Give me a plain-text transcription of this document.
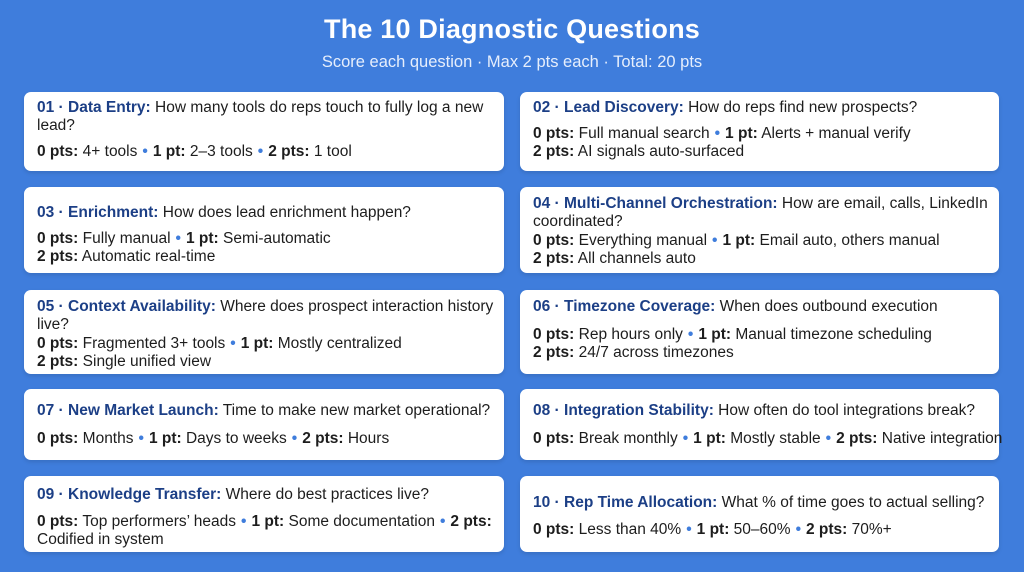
The 10 Diagnostic Questions
Score each question · Max 2 pts each · Total: 20 pts
01 · Data Entry: How many tools do reps touch to fully log a new lead?
0 pts: 4+ tools • 1 pt: 2–3 tools • 2 pts: 1 tool
02 · Lead Discovery: How do reps find new prospects?
0 pts: Full manual search • 1 pt: Alerts + manual verify
2 pts: AI signals auto-surfaced
03 · Enrichment: How does lead enrichment happen?
0 pts: Fully manual • 1 pt: Semi-automatic
2 pts: Automatic real-time
04 · Multi-Channel Orchestration: How are email, calls, LinkedIn coordinated?
0 pts: Everything manual • 1 pt: Email auto, others manual
2 pts: All channels auto
05 · Context Availability: Where does prospect interaction history live?
0 pts: Fragmented 3+ tools • 1 pt: Mostly centralized
2 pts: Single unified view
06 · Timezone Coverage: When does outbound execution
0 pts: Rep hours only • 1 pt: Manual timezone scheduling
2 pts: 24/7 across timezones
07 · New Market Launch: Time to make new market operational?
0 pts: Months • 1 pt: Days to weeks • 2 pts: Hours
08 · Integration Stability: How often do tool integrations break?
0 pts: Break monthly • 1 pt: Mostly stable • 2 pts: Native integration
09 · Knowledge Transfer: Where do best practices live?
0 pts: Top performers’ heads • 1 pt: Some documentation • 2 pts: Codified in system
10 · Rep Time Allocation: What % of time goes to actual selling?
0 pts: Less than 40% • 1 pt: 50–60% • 2 pts: 70%+
